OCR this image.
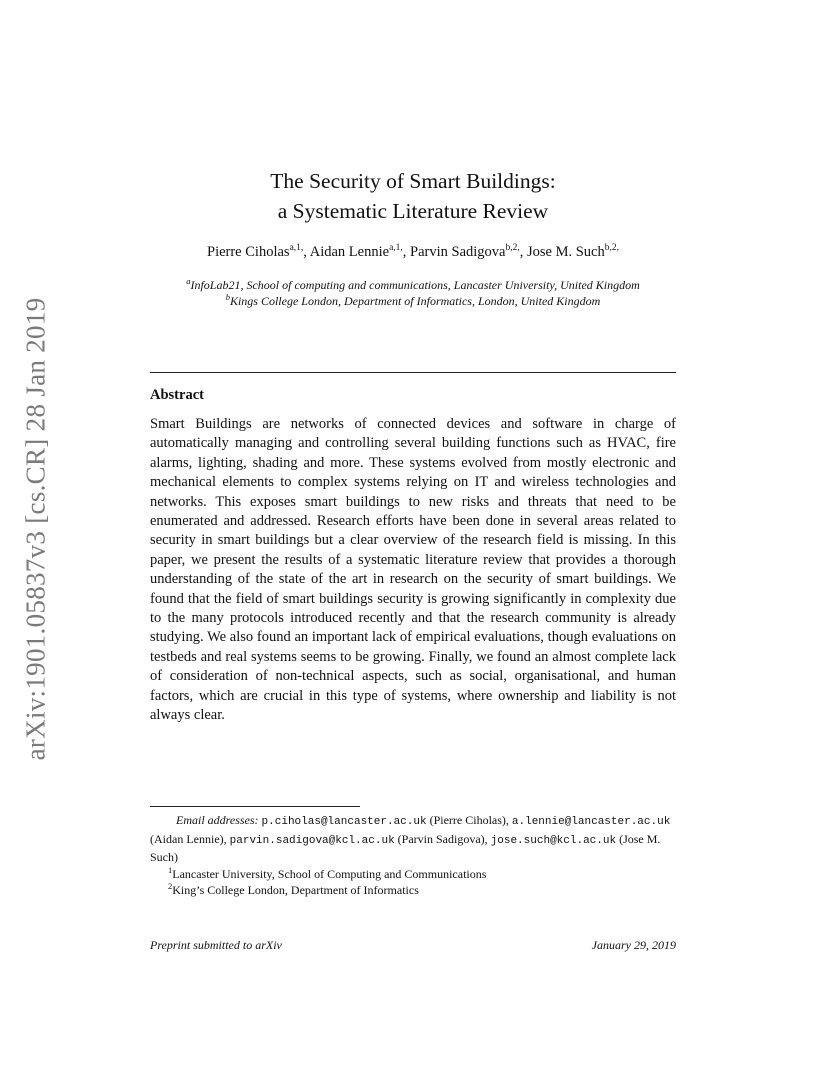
arXiv:1901.05837v3 [cs.CR] 28 Jan 2019
The Security of Smart Buildings:
a Systematic Literature Review
Pierre Ciholas$^{a,1,}$, Aidan Lennie$^{a,1,}$, Parvin Sadigova$^{b,2,}$, Jose M. Such$^{b,2,}$
$^a$InfoLab21, School of computing and communications, Lancaster University, United Kingdom
$^b$Kings College London, Department of Informatics, London, United Kingdom
Abstract
Smart Buildings are networks of connected devices and software in charge of automatically managing and controlling several building functions such as HVAC, fire alarms, lighting, shading and more. These systems evolved from mostly electronic and mechanical elements to complex systems relying on IT and wireless technologies and networks. This exposes smart buildings to new risks and threats that need to be enumerated and addressed. Research efforts have been done in several areas related to security in smart buildings but a clear overview of the research field is missing. In this paper, we present the results of a systematic literature review that provides a thorough understanding of the state of the art in research on the security of smart buildings. We found that the field of smart buildings security is growing significantly in complexity due to the many protocols introduced recently and that the research community is already studying. We also found an important lack of empirical evaluations, though evaluations on testbeds and real systems seems to be growing. Finally, we found an almost complete lack of consideration of non-technical aspects, such as social, organisational, and human factors, which are crucial in this type of systems, where ownership and liability is not always clear.

Email addresses: p.ciholas@lancaster.ac.uk (Pierre Ciholas), a.lennie@lancaster.ac.uk (Aidan Lennie), parvin.sadigova@kcl.ac.uk (Parvin Sadigova), jose.such@kcl.ac.uk (Jose M. Such)

$^1$Lancaster University, School of Computing and Communications

$^2$King’s College London, Department of Informatics

Preprint submitted to arXiv	January 29, 2019
